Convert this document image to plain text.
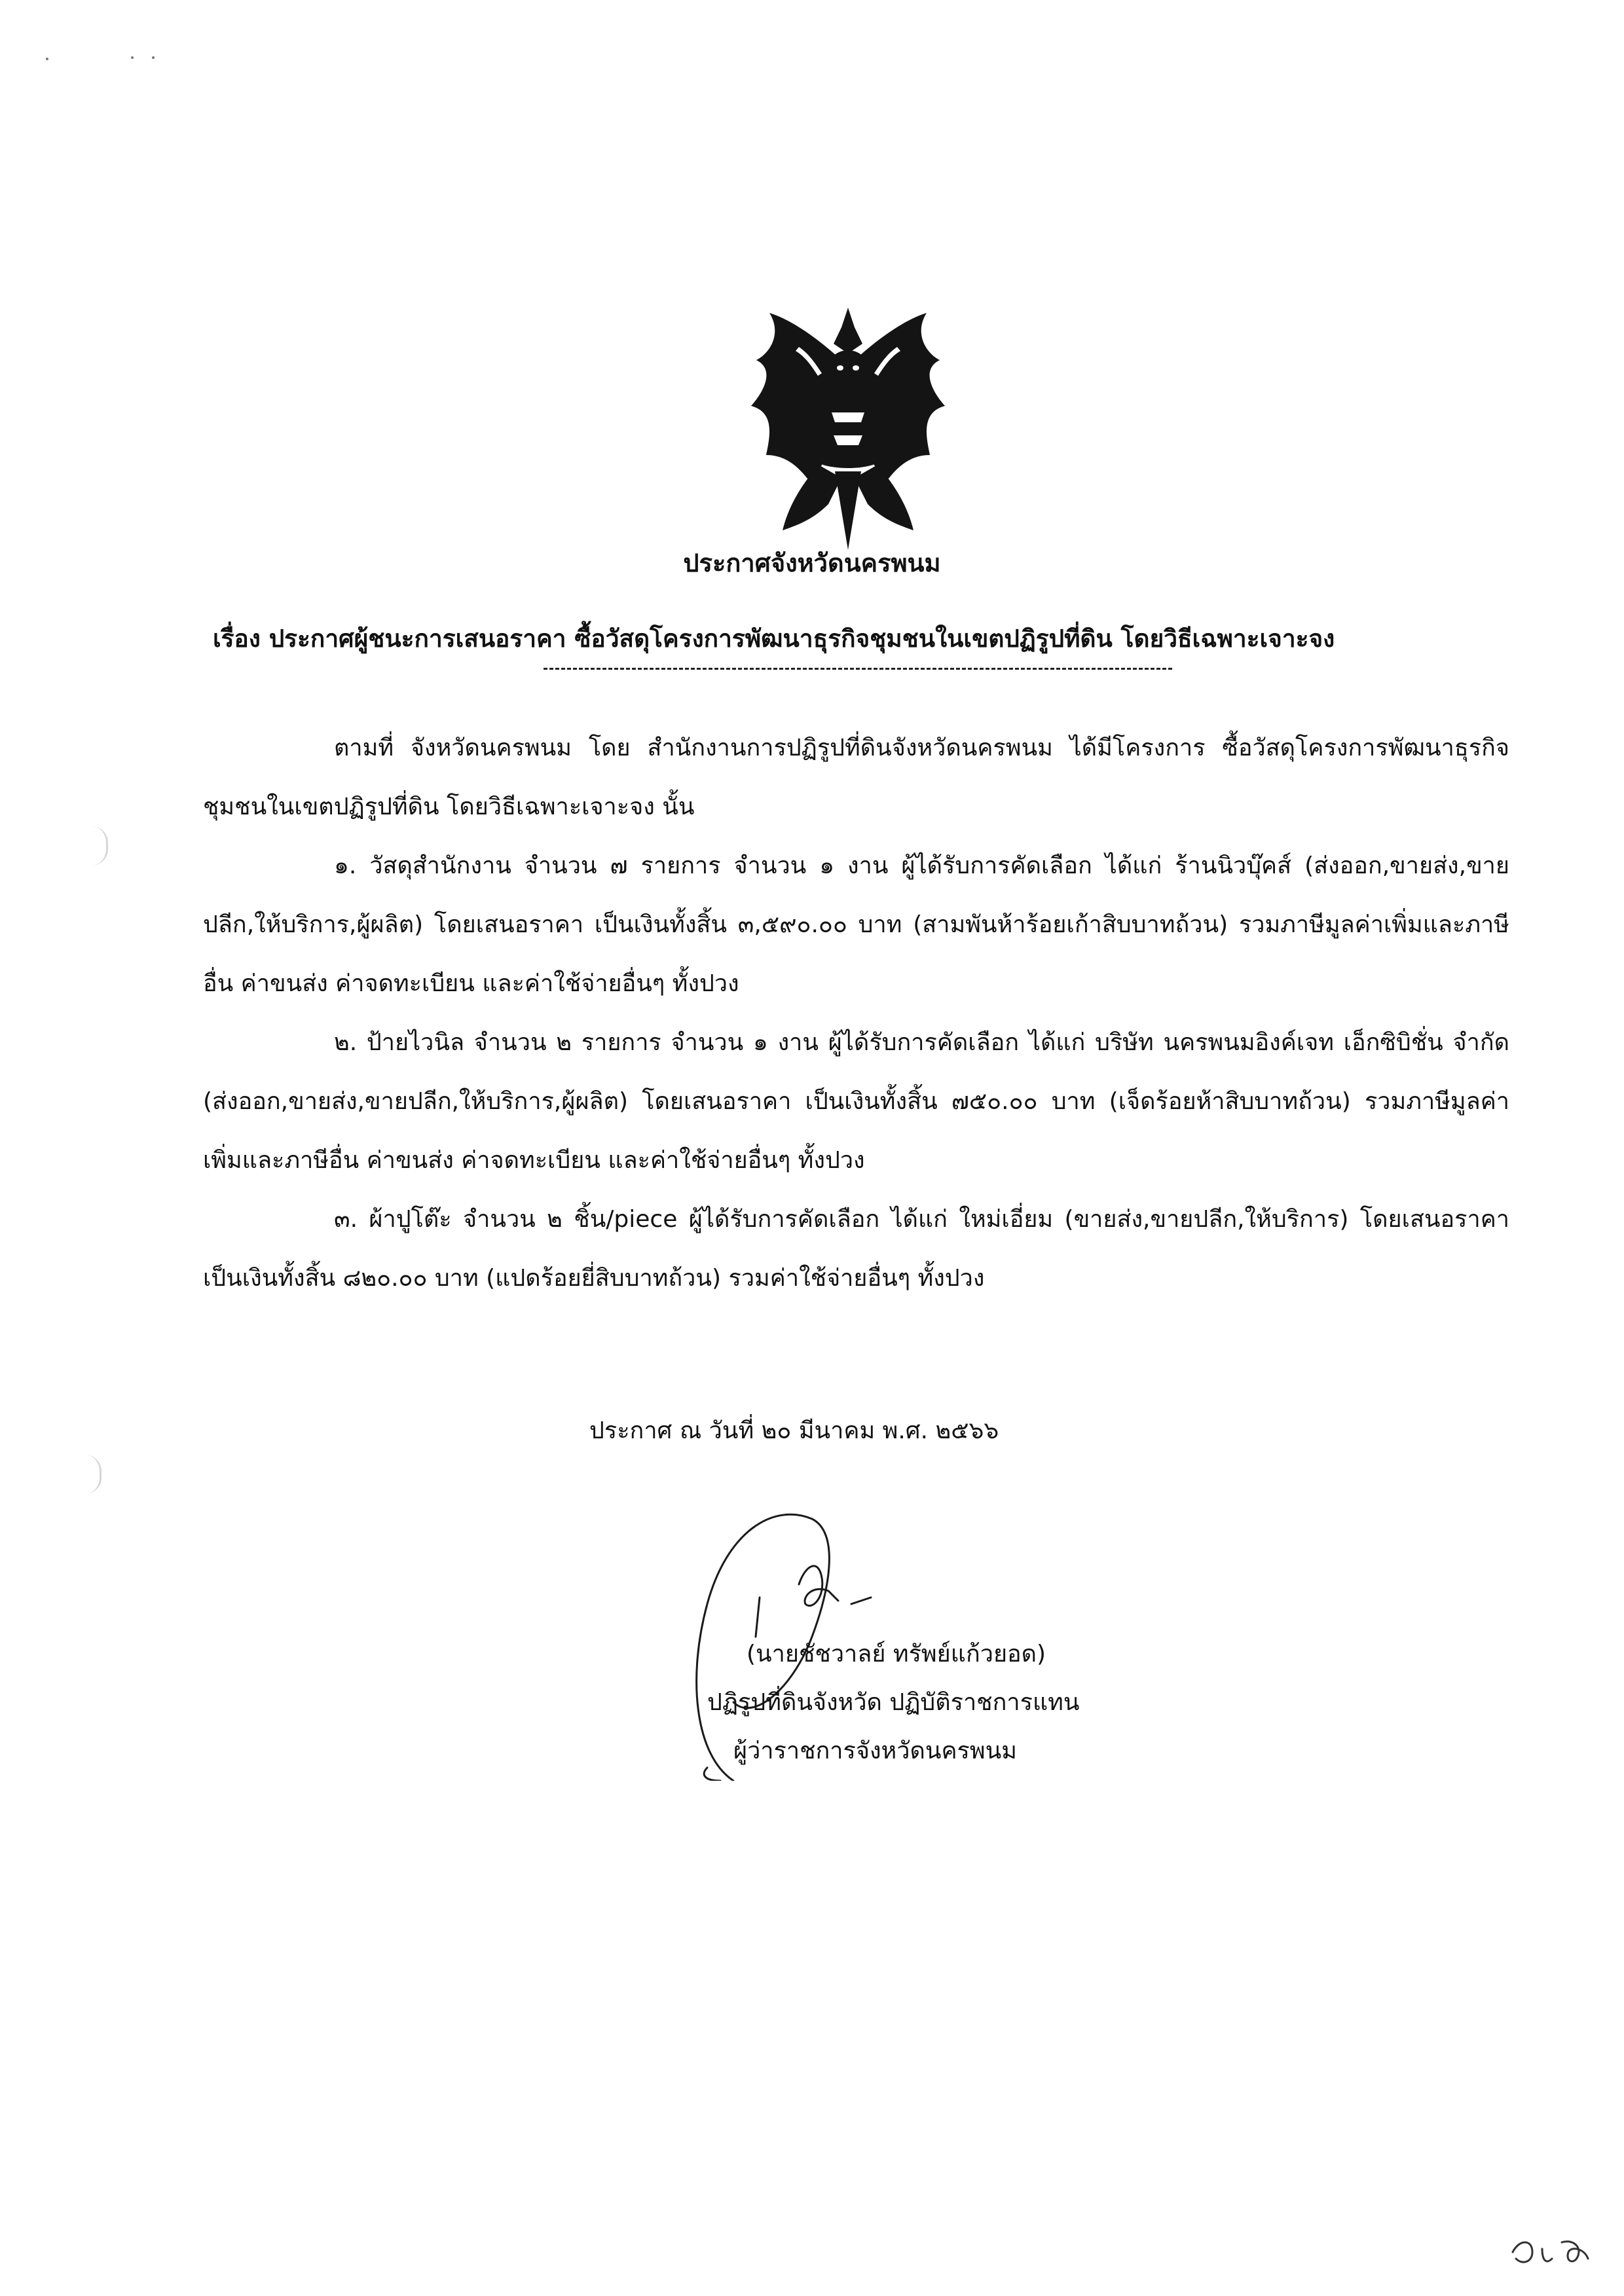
ประกาศจังหวัดนครพนม
เรื่อง ประกาศผู้ชนะการเสนอราคา ซื้อวัสดุโครงการพัฒนาธุรกิจชุมชนในเขตปฏิรูปที่ดิน โดยวิธีเฉพาะเจาะจง
ตามที่ จังหวัดนครพนม โดย สำนักงานการปฏิรูปที่ดินจังหวัดนครพนม ได้มีโครงการ ซื้อวัสดุโครงการพัฒนาธุรกิจชุมชนในเขตปฏิรูปที่ดิน โดยวิธีเฉพาะเจาะจง นั้น
๑. วัสดุสำนักงาน จำนวน ๗ รายการ จำนวน ๑ งาน ผู้ได้รับการคัดเลือก ได้แก่ ร้านนิวบุ๊คส์ (ส่งออก,ขายส่ง,ขายปลีก,ให้บริการ,ผู้ผลิต) โดยเสนอราคา เป็นเงินทั้งสิ้น ๓,๕๙๐.๐๐ บาท (สามพันห้าร้อยเก้าสิบบาทถ้วน) รวมภาษีมูลค่าเพิ่มและภาษีอื่น ค่าขนส่ง ค่าจดทะเบียน และค่าใช้จ่ายอื่นๆ ทั้งปวง
๒. ป้ายไวนิล จำนวน ๒ รายการ จำนวน ๑ งาน ผู้ได้รับการคัดเลือก ได้แก่ บริษัท นครพนมอิงค์เจท เอ็กซิบิชั่น จำกัด (ส่งออก,ขายส่ง,ขายปลีก,ให้บริการ,ผู้ผลิต) โดยเสนอราคา เป็นเงินทั้งสิ้น ๗๕๐.๐๐ บาท (เจ็ดร้อยห้าสิบบาทถ้วน) รวมภาษีมูลค่าเพิ่มและภาษีอื่น ค่าขนส่ง ค่าจดทะเบียน และค่าใช้จ่ายอื่นๆ ทั้งปวง
๓. ผ้าปูโต๊ะ จำนวน ๒ ชิ้น/piece ผู้ได้รับการคัดเลือก ได้แก่ ใหม่เอี่ยม (ขายส่ง,ขายปลีก,ให้บริการ) โดยเสนอราคา เป็นเงินทั้งสิ้น ๘๒๐.๐๐ บาท (แปดร้อยยี่สิบบาทถ้วน) รวมค่าใช้จ่ายอื่นๆ ทั้งปวง
ประกาศ ณ วันที่ ๒๐ มีนาคม พ.ศ. ๒๕๖๖
(นายชัชวาลย์ ทรัพย์แก้วยอด)
ปฏิรูปที่ดินจังหวัด ปฏิบัติราชการแทน
ผู้ว่าราชการจังหวัดนครพนม
